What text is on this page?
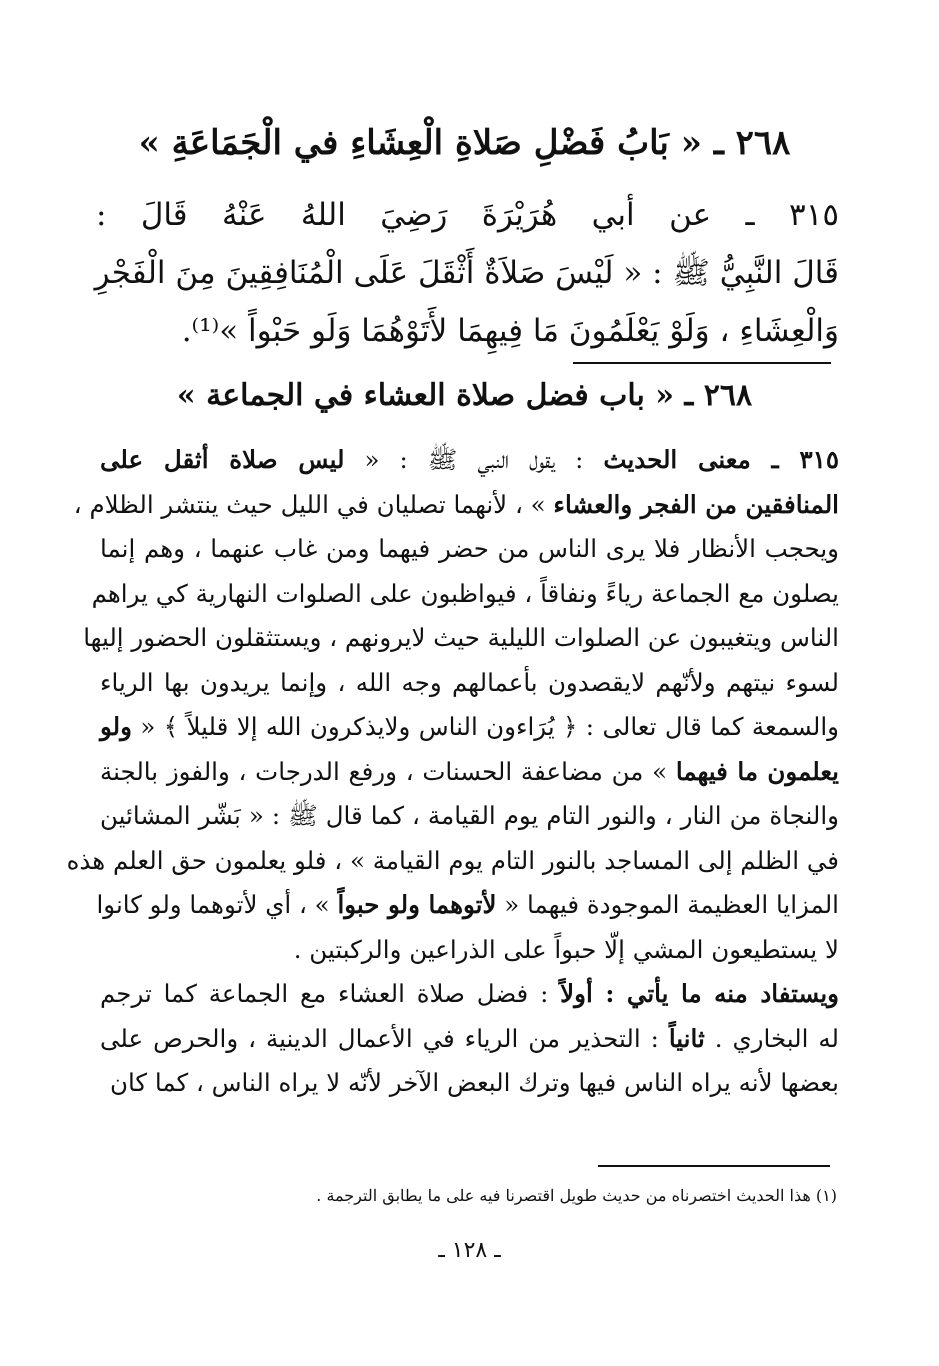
٢٦٨ ـ « بَابُ فَضْلِ صَلاةِ الْعِشَاءِ في الْجَمَاعَةِ »
٣١٥ ـ عن أبي هُرَيْرَةَ رَضِيَ اللهُ عَنْهُ قَالَ :
قَالَ النَّبِيُّ ﷺ : « لَيْسَ صَلاَةٌ أَثْقَلَ عَلَى الْمُنَافِقِينَ مِنَ الْفَجْرِ
وَالْعِشَاءِ ، وَلَوْ يَعْلَمُونَ مَا فِيهِمَا لأَتَوْهُمَا وَلَو حَبْواً »⁽¹⁾.
٢٦٨ ـ « باب فضل صلاة العشاء في الجماعة »
٣١٥ ـ معنى الحديث : يقول النبي ﷺ : « ليس صلاة أثقل على
المنافقين من الفجر والعشاء » ، لأنهما تصليان في الليل حيث ينتشر الظلام ،
ويحجب الأنظار فلا يرى الناس من حضر فيهما ومن غاب عنهما ، وهم إنما
يصلون مع الجماعة رياءً ونفاقاً ، فيواظبون على الصلوات النهارية كي يراهم
الناس ويتغيبون عن الصلوات الليلية حيث لايرونهم ، ويستثقلون الحضور إليها
لسوء نيتهم ولأنّهم لايقصدون بأعمالهم وجه الله ، وإنما يريدون بها الرياء
والسمعة كما قال تعالى : ﴿ يُرَاءون الناس ولايذكرون الله إلا قليلاً ﴾ « ولو
يعلمون ما فيهما » من مضاعفة الحسنات ، ورفع الدرجات ، والفوز بالجنة
والنجاة من النار ، والنور التام يوم القيامة ، كما قال ﷺ : « بَشّر المشائين
في الظلم إلى المساجد بالنور التام يوم القيامة » ، فلو يعلمون حق العلم هذه
المزايا العظيمة الموجودة فيهما « لأتوهما ولو حبواً » ، أي لأتوهما ولو كانوا
لا يستطيعون المشي إلّا حبواً على الذراعين والركبتين .
ويستفاد منه ما يأتي : أولاً : فضل صلاة العشاء مع الجماعة كما ترجم
له البخاري . ثانياً : التحذير من الرياء في الأعمال الدينية ، والحرص على
بعضها لأنه يراه الناس فيها وترك البعض الآخر لأنّه لا يراه الناس ، كما كان
(١) هذا الحديث اختصرناه من حديث طويل اقتصرنا فيه على ما يطابق الترجمة .
ـ ١٢٨ ـ
